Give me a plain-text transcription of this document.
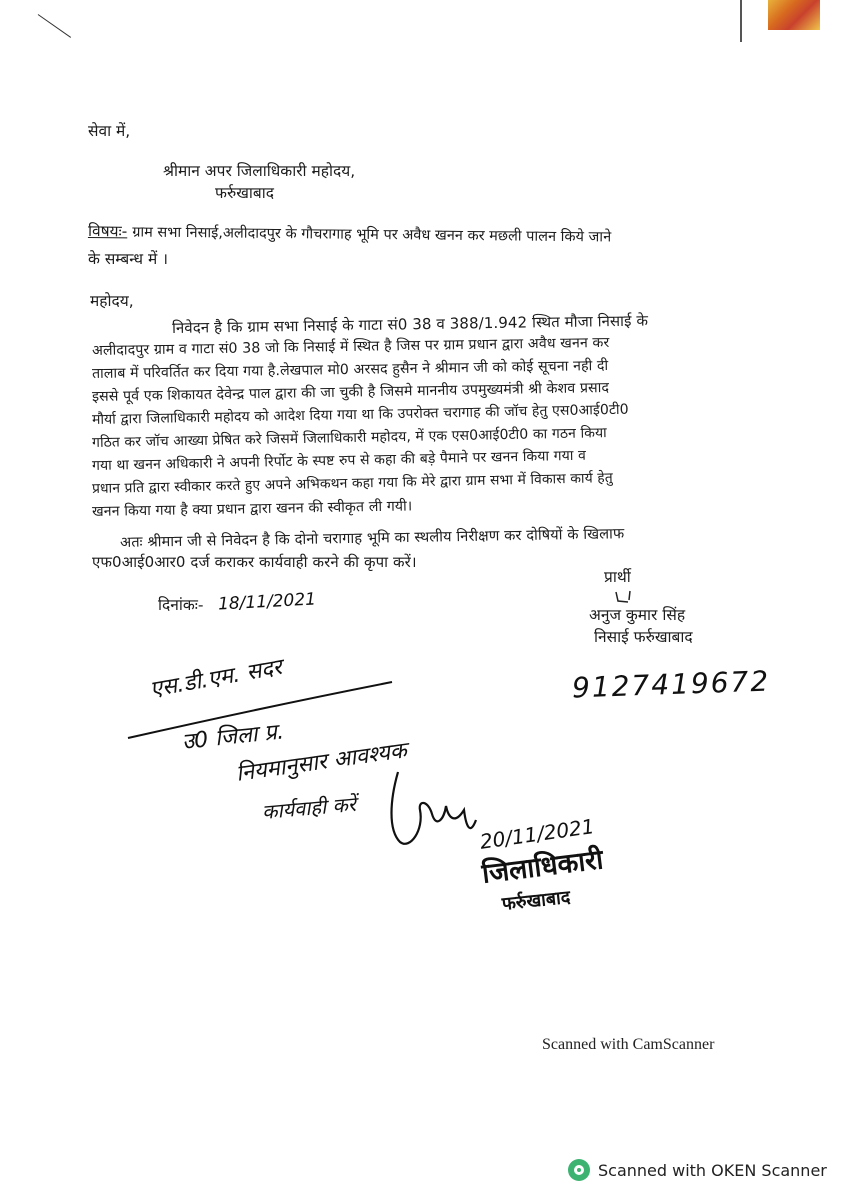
सेवा में,
श्रीमान अपर जिलाधिकारी महोदय,
फर्रुखाबाद
विषयः- ग्राम सभा निसाई,अलीदादपुर के गौचरागाह भूमि पर अवैध खनन कर मछली पालन किये जाने
के सम्बन्ध में ।
महोदय,
निवेदन है कि ग्राम सभा निसाई के गाटा सं0 38 व 388/1.942 स्थित मौजा निसाई के
अलीदादपुर ग्राम व गाटा सं0 38 जो कि निसाई में स्थित है जिस पर ग्राम प्रधान द्वारा अवैध खनन कर
तालाब में परिवर्तित कर दिया गया है.लेखपाल मो0 अरसद हुसैन ने श्रीमान जी को कोई सूचना नही दी
इससे पूर्व एक शिकायत देवेन्द्र पाल द्वारा की जा चुकी है जिसमे माननीय उपमुख्यमंत्री श्री केशव प्रसाद
मौर्या द्वारा जिलाधिकारी महोदय को आदेश दिया गया था कि उपरोक्त चरागाह की जॉच हेतु एस0आई0टी0
गठित कर जॉच आख्या प्रेषित करे जिसमें जिलाधिकारी महोदय, में एक एस0आई0टी0 का गठन किया
गया था खनन अधिकारी ने अपनी रिर्पोट के स्पष्ट रुप से कहा की बड़े पैमाने पर खनन किया गया व
प्रधान प्रति द्वारा स्वीकार करते हुए अपने अभिकथन कहा गया कि मेरे द्वारा ग्राम सभा में विकास कार्य हेतु
खनन किया गया है क्या प्रधान द्वारा खनन की स्वीकृत ली गयी।
अतः श्रीमान जी से निवेदन है कि दोनो चरागाह भूमि का स्थलीय निरीक्षण कर दोषियों के खिलाफ
एफ0आई0आर0 दर्ज कराकर कार्यवाही करने की कृपा करें।
दिनांकः- 18/11/2021
प्रार्थी
अनुज कुमार सिंह
निसाई फर्रुखाबाद
9127419672
एस.डी.एम. सदर
उ0 जिला प्र.
नियमानुसार आवश्यक
कार्यवाही करें
20/11/2021
जिलाधिकारी
फर्रुखाबाद
Scanned with CamScanner
Scanned with OKEN Scanner
